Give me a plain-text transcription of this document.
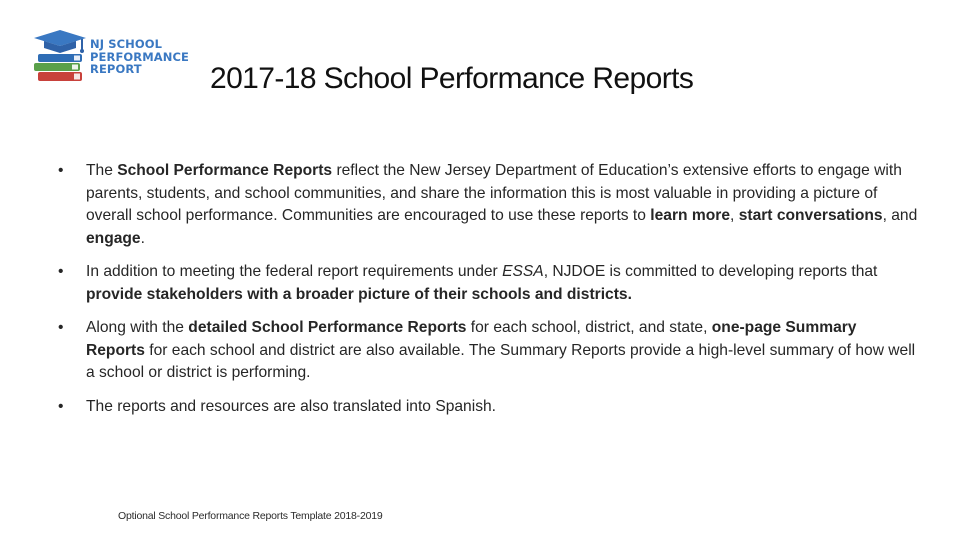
NJ SCHOOL
PERFORMANCE
REPORT	2017-18 School Performance Reports
• The School Performance Reports reflect the New Jersey Department of Education’s extensive efforts to engage with parents, students, and school communities, and share the information this is most valuable in providing a picture of overall school performance. Communities are encouraged to use these reports to learn more, start conversations, and engage.
• In addition to meeting the federal report requirements under ESSA, NJDOE is committed to developing reports that provide stakeholders with a broader picture of their schools and districts.
• Along with the detailed School Performance Reports for each school, district, and state, one-page Summary Reports for each school and district are also available. The Summary Reports provide a high-level summary of how well a school or district is performing.
• The reports and resources are also translated into Spanish.
Optional School Performance Reports Template 2018-2019
